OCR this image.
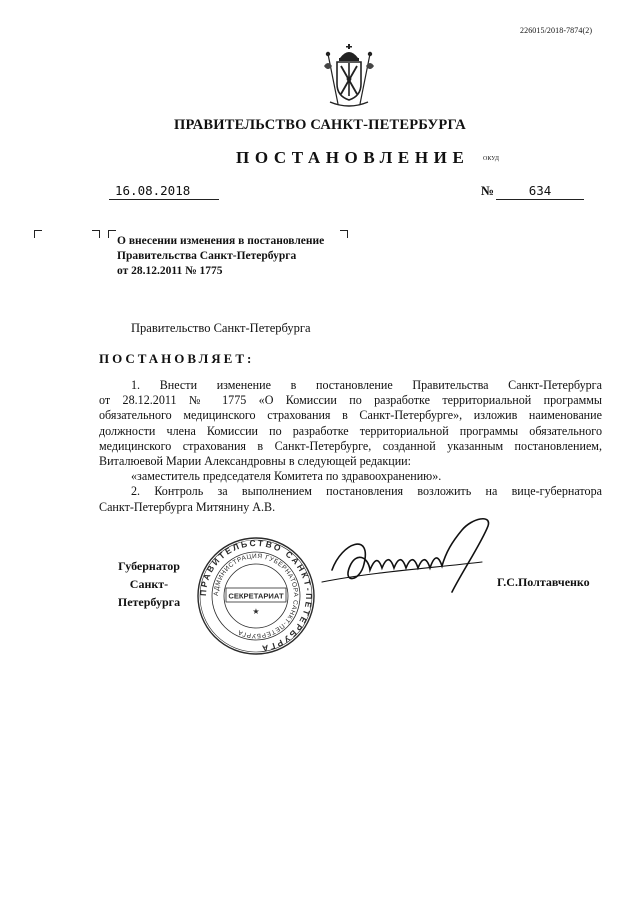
226015/2018-7874(2)
ПРАВИТЕЛЬСТВО САНКТ-ПЕТЕРБУРГА
ПОСТАНОВЛЕНИЕ ОКУД
16.08.2018	№	634
О внесении изменения в постановление
Правительства Санкт-Петербурга
от 28.12.2011 № 1775
Правительство Санкт-Петербурга
ПОСТАНОВЛЯЕТ:

1. Внести изменение в постановление Правительства Санкт-Петербурга

от 28.12.2011 № 1775 «О Комиссии по разработке территориальной программы

обязательного медицинского страхования в Санкт-Петербурге», изложив наименование

должности члена Комиссии по разработке территориальной программы обязательного

медицинского страхования в Санкт-Петербурге, созданной указанным постановлением,

Виталюевой Марии Александровны в следующей редакции:

«заместитель председателя Комитета по здравоохранению».

2. Контроль за выполнением постановления возложить на вице-губернатора

Санкт-Петербурга Митянину А.В.

Губернатор
Санкт-Петербурга
Г.С.Полтавченко
ПРАВИТЕЛЬСТВО САНКТ-ПЕТЕРБУРГА
АДМИНИСТРАЦИЯ ГУБЕРНАТОРА САНКТ-ПЕТЕРБУРГА
СЕКРЕТАРИАТ
★
